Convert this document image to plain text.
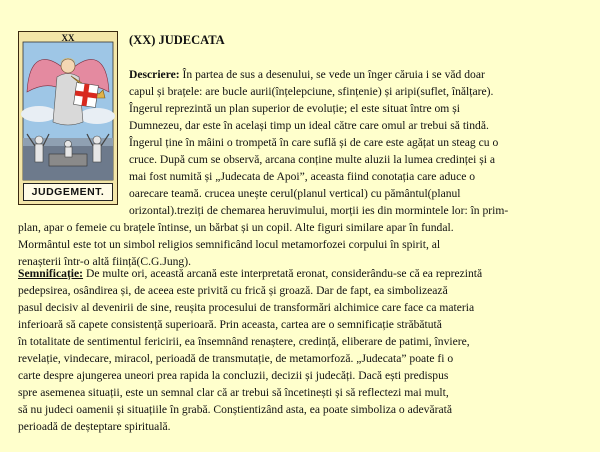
XX
JUDGEMENT.
(XX) JUDECATA
Descriere: În partea de sus a desenului, se vede un înger căruia i se văd doar
capul și brațele: are bucle aurii(înțelepciune, sfințenie) și aripi(suflet, înălțare).
Îngerul reprezintă un plan superior de evoluție; el este situat între om și
Dumnezeu, dar este în același timp un ideal către care omul ar trebui să tindă.
Îngerul ține în mâini o trompetă în care suflă și de care este agățat un steag cu o
cruce. După cum se observă, arcana conține multe aluzii la lumea credinței și a
mai fost numită și „Judecata de Apoi”, aceasta fiind conotația care aduce o
oarecare teamă. crucea unește cerul(planul vertical) cu pământul(planul
orizontal).treziți de chemarea heruvimului, morții ies din mormintele lor: în prim-
plan, apar o femeie cu brațele întinse, un bărbat și un copil. Alte figuri similare apar în fundal.
Mormântul este tot un simbol religios semnificând locul metamorfozei corpului în spirit, al
renașterii într-o altă ființă(C.G.Jung).
Semnificație: De multe ori, această arcană este interpretată eronat, considerându-se că ea reprezintă
pedepsirea, osândirea și, de aceea este privită cu frică și groază. Dar de fapt, ea simbolizează
pasul decisiv al devenirii de sine, reușita procesului de transformări alchimice care face ca materia
inferioară să capete consistență superioară. Prin aceasta, cartea are o semnificație străbătută
în totalitate de sentimentul fericirii, ea însemnând renaștere, credință, eliberare de patimi, înviere,
revelație, vindecare, miracol, perioadă de transmutație, de metamorfoză. „Judecata” poate fi o
carte despre ajungerea uneori prea rapida la concluzii, decizii și judecăți. Dacă ești predispus
spre asemenea situații, este un semnal clar că ar trebui să încetinești și să reflectezi mai mult,
să nu judeci oamenii și situațiile în grabă. Conștientizând asta, ea poate simboliza o adevărată
perioadă de deșteptare spirituală.
